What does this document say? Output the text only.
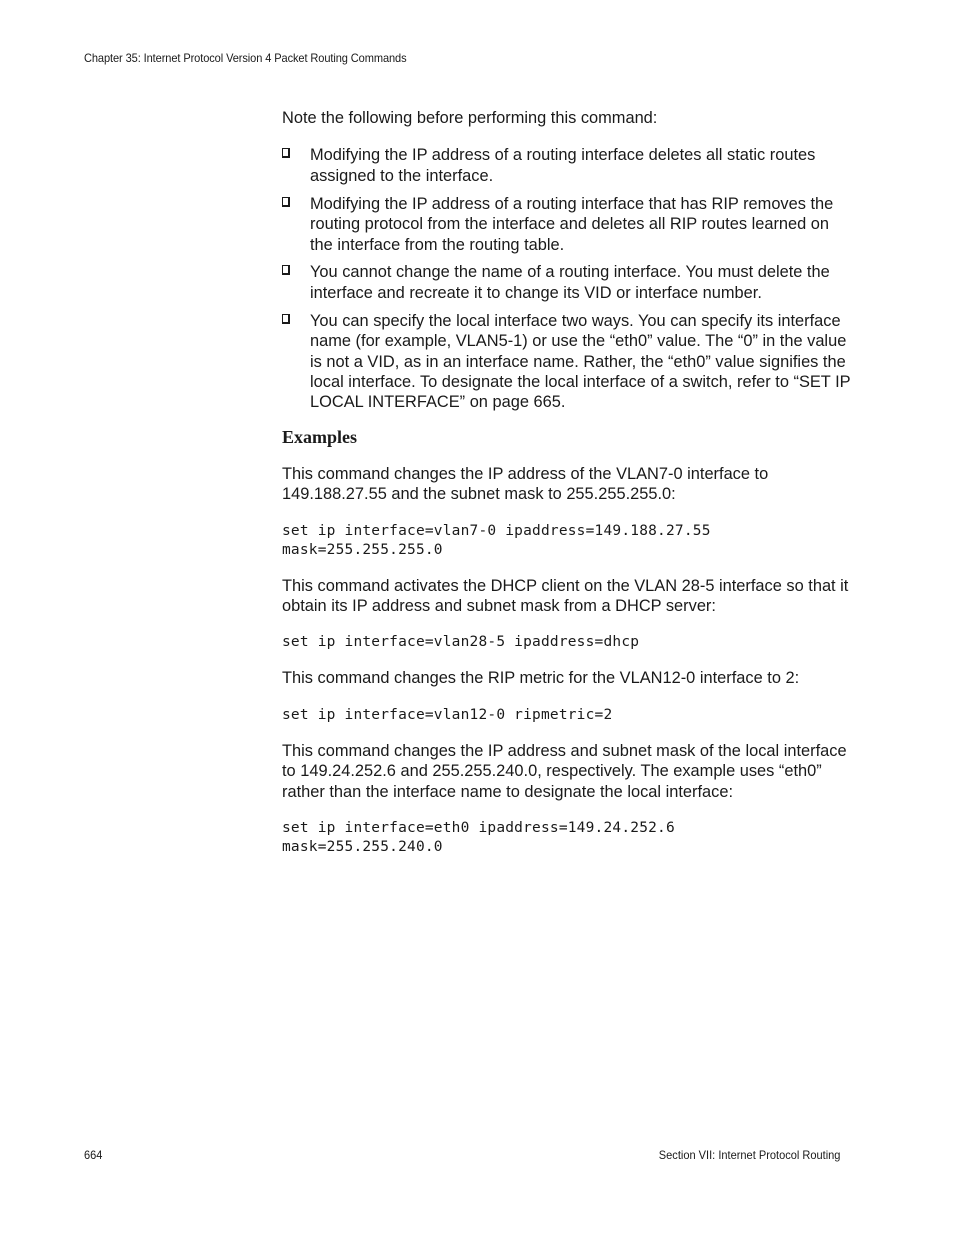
Chapter 35: Internet Protocol Version 4 Packet Routing Commands

Note the following before performing this command:

Modifying the IP address of a routing interface deletes all static routes assigned to the interface.
Modifying the IP address of a routing interface that has RIP removes the routing protocol from the interface and deletes all RIP routes learned on the interface from the routing table.
You cannot change the name of a routing interface. You must delete the interface and recreate it to change its VID or interface number.
You can specify the local interface two ways. You can specify its interface name (for example, VLAN5-1) or use the “eth0” value. The “0” in the value is not a VID, as in an interface name. Rather, the “eth0” value signifies the local interface. To designate the local interface of a switch, refer to “SET IP LOCAL INTERFACE” on page 665.
Examples

This command changes the IP address of the VLAN7-0 interface to 149.188.27.55 and the subnet mask to 255.255.255.0:

set ip interface=vlan7-0 ipaddress=149.188.27.55
mask=255.255.255.0

This command activates the DHCP client on the VLAN 28-5 interface so that it obtain its IP address and subnet mask from a DHCP server:

set ip interface=vlan28-5 ipaddress=dhcp

This command changes the RIP metric for the VLAN12-0 interface to 2:

set ip interface=vlan12-0 ripmetric=2

This command changes the IP address and subnet mask of the local interface to 149.24.252.6 and 255.255.240.0, respectively. The example uses “eth0” rather than the interface name to designate the local interface:

set ip interface=eth0 ipaddress=149.24.252.6
mask=255.255.240.0
664	Section VII: Internet Protocol Routing
